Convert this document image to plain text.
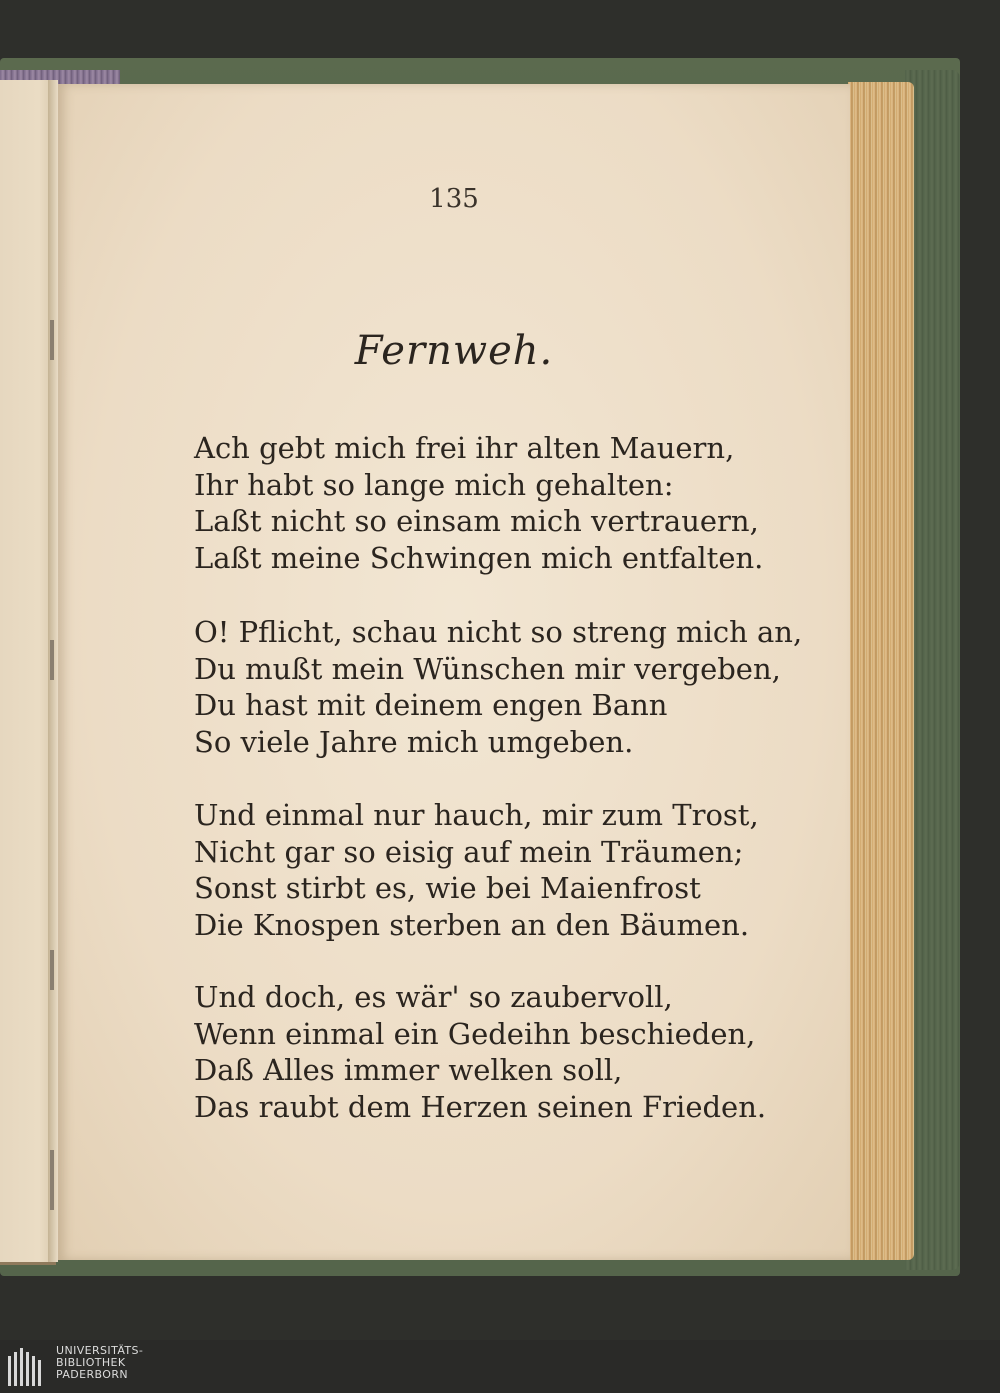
135
Fernweh.
Ach gebt mich frei ihr alten Mauern,
Ihr habt so lange mich gehalten:
Laßt nicht so einsam mich vertrauern,
Laßt meine Schwingen mich entfalten.
O! Pflicht, schau nicht so streng mich an,
Du mußt mein Wünschen mir vergeben,
Du hast mit deinem engen Bann
So viele Jahre mich umgeben.
Und einmal nur hauch, mir zum Trost,
Nicht gar so eisig auf mein Träumen;
Sonst stirbt es, wie bei Maienfrost
Die Knospen sterben an den Bäumen.
Und doch, es wär' so zaubervoll,
Wenn einmal ein Gedeihn beschieden,
Daß Alles immer welken soll,
Das raubt dem Herzen seinen Frieden.
UNIVERSITÄTS-
BIBLIOTHEK
PADERBORN
